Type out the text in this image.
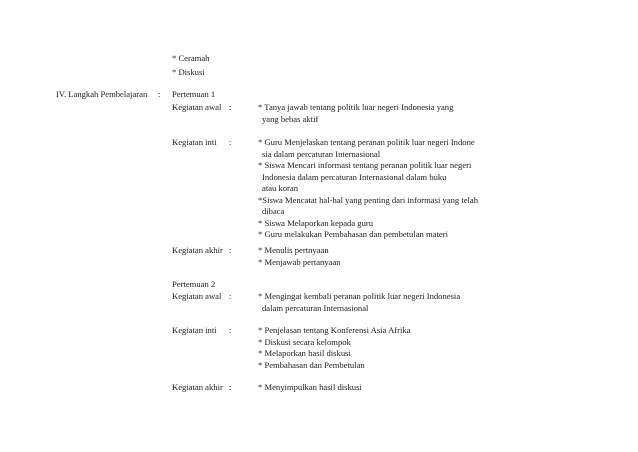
* Ceramah
* Diskusi
IV. Langkah Pembelajaran : Pertemuan 1
Kegiatan awal :	* Tanya jawab tentang politik luar negeri Indonesia yang
yang bebas aktif
Kegiatan inti :	* Guru Menjelaskan tentang peranan politik luar negeri Indone
sia dalam percaturan Internasional
* Siswa Mencari informasi tentang peranan politik luar negeri
Indonesia dalam percaturan Internasional dalam buku
atau koran
*Siswa Mencatat hal-hal yang penting dari informasi yang telah
dibaca
* Siswa Melaporkan kepada guru
* Guru melakukan Pembahasan dan pembetulan materi
Kegiatan akhir :	* Menulis pertnyaan
* Menjawab pertanyaan
Pertemuan 2
Kegiatan awal :	* Mengingat kembali peranan politik luar negeri Indonesia
dalam percaturan Internasional
Kegiatan inti :	* Penjelasan tentang Konferensi Asia Afrika
* Diskusi secara kelompok
* Melaporkan hasil diskusi
* Pembahasan dan Pembetulan
Kegiatan akhir :	* Menyimpulkan hasil diskusi
